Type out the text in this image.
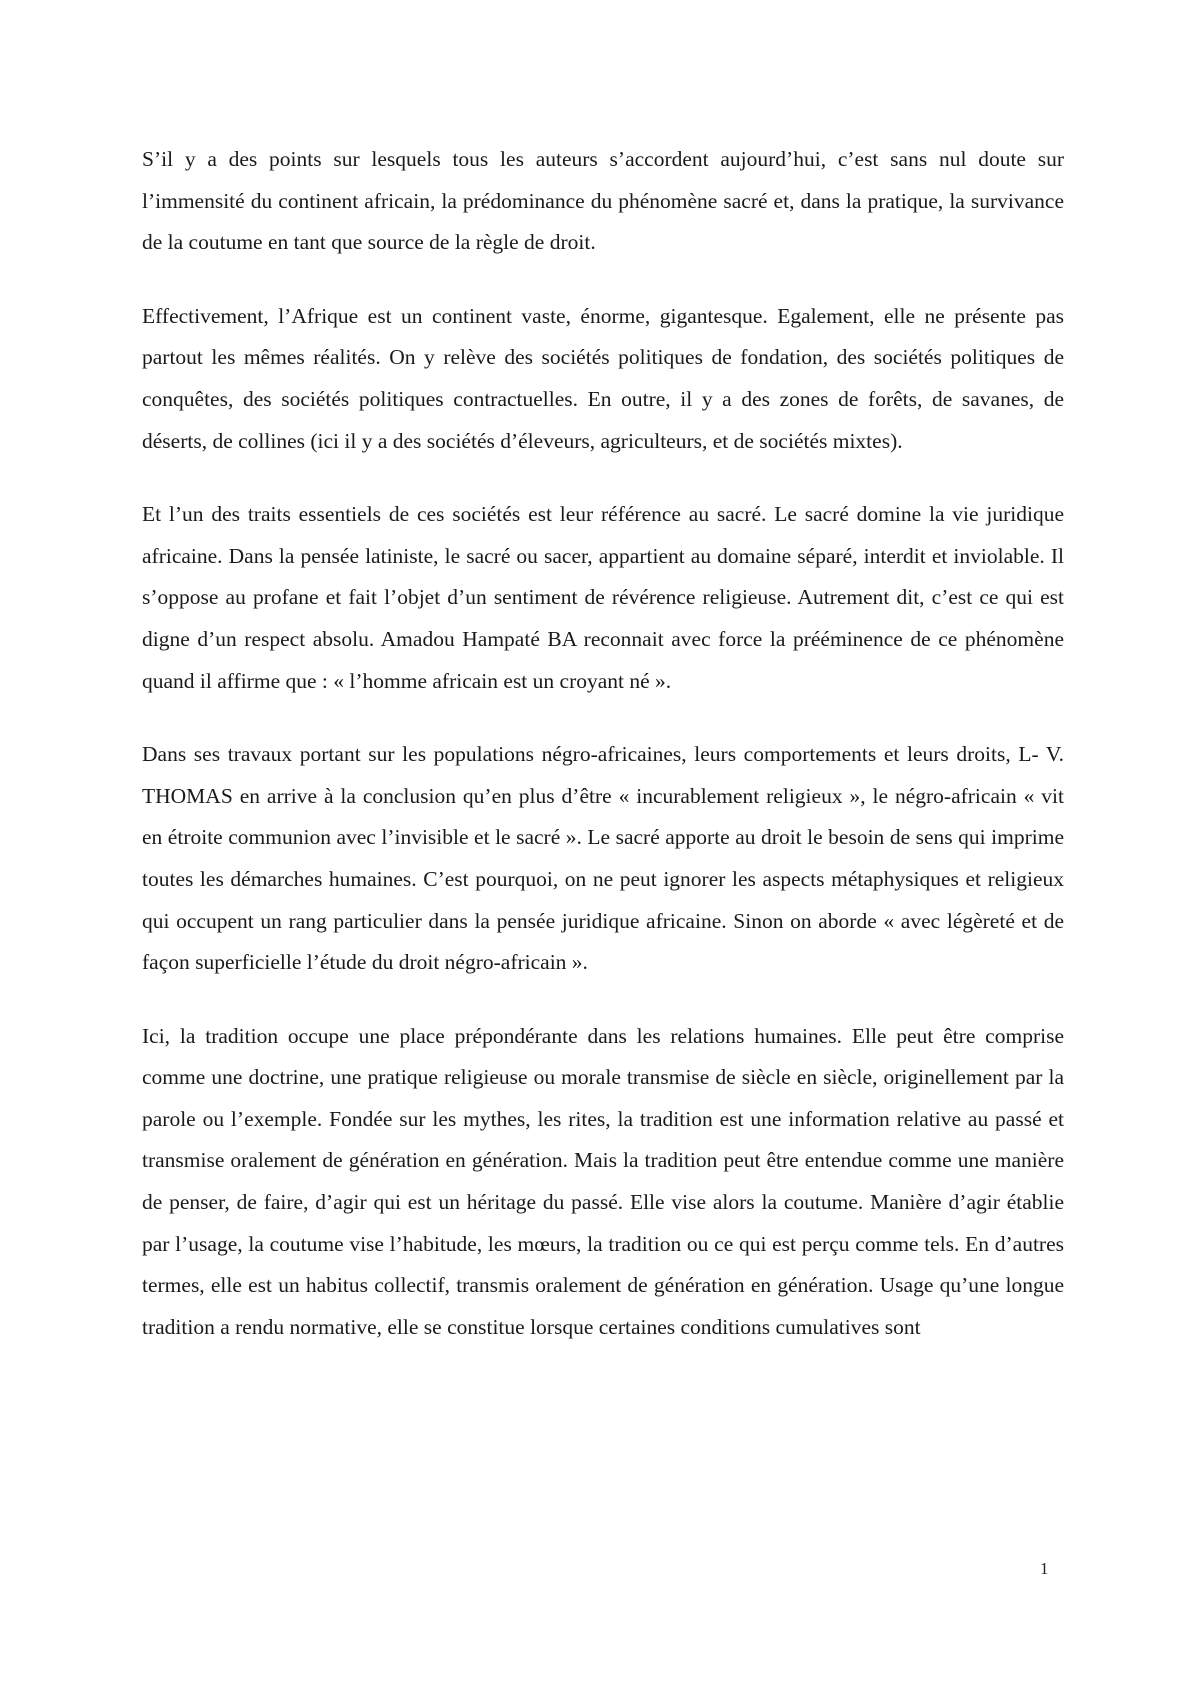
S’il y a des points sur lesquels tous les auteurs s’accordent aujourd’hui, c’est sans nul doute sur l’immensité du continent africain, la prédominance du phénomène sacré et, dans la pratique, la survivance de la coutume en tant que source de la règle de droit.

Effectivement, l’Afrique est un continent vaste, énorme, gigantesque. Egalement, elle ne présente pas partout les mêmes réalités. On y relève des sociétés politiques de fondation, des sociétés politiques de conquêtes, des sociétés politiques contractuelles. En outre, il y a des zones de forêts, de savanes, de déserts, de collines (ici il y a des sociétés d’éleveurs, agriculteurs, et de sociétés mixtes).

Et l’un des traits essentiels de ces sociétés est leur référence au sacré. Le sacré domine la vie juridique africaine. Dans la pensée latiniste, le sacré ou sacer, appartient au domaine séparé, interdit et inviolable. Il s’oppose au profane et fait l’objet d’un sentiment de révérence religieuse. Autrement dit, c’est ce qui est digne d’un respect absolu. Amadou Hampaté BA reconnait avec force la prééminence de ce phénomène quand il affirme que : « l’homme africain est un croyant né ».

Dans ses travaux portant sur les populations négro-africaines, leurs comportements et leurs droits, L- V. THOMAS en arrive à la conclusion qu’en plus d’être « incurablement religieux », le négro-africain « vit en étroite communion avec l’invisible et le sacré ». Le sacré apporte au droit le besoin de sens qui imprime toutes les démarches humaines. C’est pourquoi, on ne peut ignorer les aspects métaphysiques et religieux qui occupent un rang particulier dans la pensée juridique africaine. Sinon on aborde « avec légèreté et de façon superficielle l’étude du droit négro-africain ».

Ici, la tradition occupe une place prépondérante dans les relations humaines. Elle peut être comprise comme une doctrine, une pratique religieuse ou morale transmise de siècle en siècle, originellement par la parole ou l’exemple. Fondée sur les mythes, les rites, la tradition est une information relative au passé et transmise oralement de génération en génération. Mais la tradition peut être entendue comme une manière de penser, de faire, d’agir qui est un héritage du passé. Elle vise alors la coutume. Manière d’agir établie par l’usage, la coutume vise l’habitude, les mœurs, la tradition ou ce qui est perçu comme tels. En d’autres termes, elle est un habitus collectif, transmis oralement de génération en génération. Usage qu’une longue tradition a rendu normative, elle se constitue lorsque certaines conditions cumulatives sont

1
